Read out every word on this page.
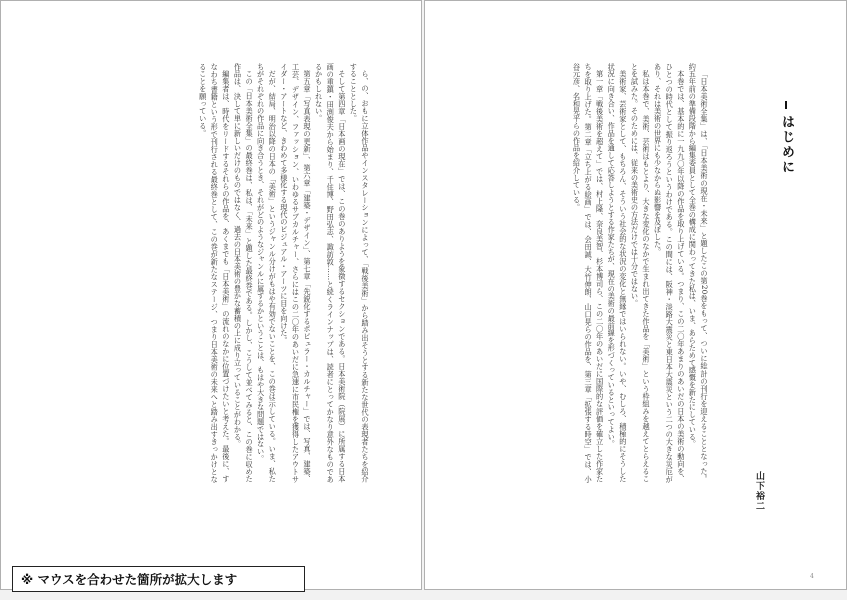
ら、の、おもに立体作品やインスタレーションによって、「戦後美術」から踏み出そうとする新たな世代の表現者たちを紹介することとした。

そして第四章「日本画の現在」では、この巻のありようを象徴するセクションである。日本美術院（院展）に所属する日本画の重鎮・田渕俊夫から始まり、千住博、野田弘志、諏訪敦……と続くラインナップは、読者にとってかなり意外なものであるかもしれない。

第五章「写真表現の更新」、第六章「建築・デザイン」、第七章「先鋭化するポピュラー・カルチャー」では、写真、建築、工芸、デザイン、ファッション、いわゆるサブカルチャー、さらにはこの二〇年のあいだに急速に市民権を獲得したアウトサイダー・アートなど、きわめて多様化する現代のビジュアル・アーツに目を向けた。

だが、結局、明治以降の日本の「美術」というジャンル分けがもはや有効でないことを、この巻は示している。いま、私たちがそれぞれの作品に向き合うとき、それがどのようなジャンルに属するかということは、もはや大きな問題ではない。

この「日本美術全集」の最終巻は、私は、「未来」と題した最終巻である。しかし、こうして並べてみると、この巻に収めた作品は、決して単に新しいだけのものではなく、過去の日本美術の豊かな蓄積の上に成り立っていることがわかる。

編集者は、時代をリードするそれらの作品を、あくまでも「日本美術」の流れのなかに位置づけたいと考えた。最後に、すなわち書籍という形で刊行される最終巻として、この巻が新たなステージ、つまり日本美術の未来へと踏み出すきっかけとなることを願っている。

はじめに

「日本美術全集」は、「日本美術の現在・未来」と題したこの第20巻をもって、ついに総計の刊行を迎えることとなった。約五年前の準備段階から編集委員として全巻の構成に関わってきた私は、いま、あらためて感慨を新たにしている。

本巻では、基本的に一九九〇年以降の作品を取り上げている。つまり、この二〇年あまりのあいだの日本の美術の動向を、ひとつの時代として振り返ろうというわけである。この間には、阪神・淡路大震災と東日本大震災という二つの大きな災厄があり、それは美術の世界にも少なからぬ影響を及ぼした。

私は本巻で、美術、芸術はもとより、大きな変化のなかで生まれ出てきた作品を「美術」という枠組みを越えてとらえることを試みた。そのためには、従来の美術史の方法だけでは十分ではない。

美術家、芸術家として、もちろん、そういう社会的な状況の変化と無縁ではいられない。いや、むしろ、積極的にそうした状況に向き合い、作品を通して応答しようとする作家たちが、現在の美術の最前線を形づくっているといってよい。

第一章「戦後美術を超えて」では、村上隆、奈良美智、杉本博司ら、この二〇年のあいだに国際的な評価を確立した作家たちを取り上げた。第二章「立ち上がる絵画」では、会田誠、大竹伸朗、山口晃らの作品を、第三章「拡張する時空」では、小谷元彦、名和晃平らの作品を紹介している。

山下裕二
4
※ マウスを合わせた箇所が拡大します
